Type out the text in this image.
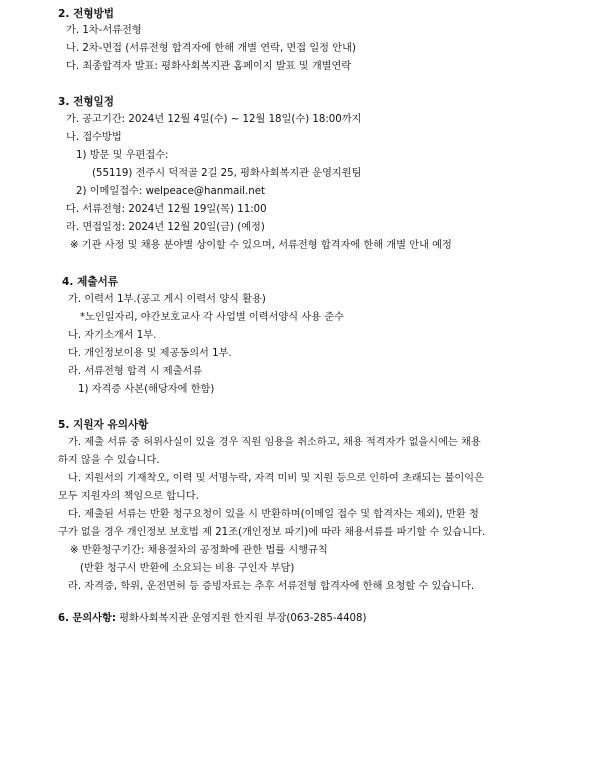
2. 전형방법
가. 1차-서류전형
나. 2차-면접 (서류전형 합격자에 한해 개별 연락, 면접 일정 안내)
다. 최종합격자 발표: 평화사회복지관 홈페이지 발표 및 개별연락
3. 전형일정
가. 공고기간: 2024년 12월 4일(수) ~ 12월 18일(수) 18:00까지
나. 접수방법
1) 방문 및 우편접수:
(55119) 전주시 덕적골 2길 25, 평화사회복지관 운영지원팀
2) 이메일접수: welpeace@hanmail.net
다. 서류전형: 2024년 12월 19일(목) 11:00
라. 면접일정: 2024년 12월 20일(금) (예정)
※ 기관 사정 및 채용 분야별 상이할 수 있으며, 서류전형 합격자에 한해 개별 안내 예정
4. 제출서류
가. 이력서 1부.(공고 게시 이력서 양식 활용)
*노인일자리, 야간보호교사 각 사업별 이력서양식 사용 준수
나. 자기소개서 1부.
다. 개인정보이용 및 제공동의서 1부.
라. 서류전형 합격 시 제출서류
1) 자격증 사본(해당자에 한함)
5. 지원자 유의사항
가. 제출 서류 중 허위사실이 있을 경우 직원 임용을 취소하고, 채용 적격자가 없을시에는 채용
하지 않을 수 있습니다.
나. 지원서의 기재착오, 이력 및 서명누락, 자격 미비 및 지원 등으로 인하여 초래되는 불이익은
모두 지원자의 책임으로 합니다.
다. 제출된 서류는 반환 청구요청이 있을 시 반환하며(이메일 접수 및 합격자는 제외), 반환 청
구가 없을 경우 개인정보 보호법 제 21조(개인정보 파기)에 따라 채용서류를 파기할 수 있습니다.
※ 반환청구기간: 채용절차의 공정화에 관한 법률 시행규칙
(반환 청구시 반환에 소요되는 비용 구인자 부담)
라. 자격증, 학위, 운전면허 등 증빙자료는 추후 서류전형 합격자에 한해 요청할 수 있습니다.
6. 문의사항: 평화사회복지관 운영지원 한지원 부장(063-285-4408)
